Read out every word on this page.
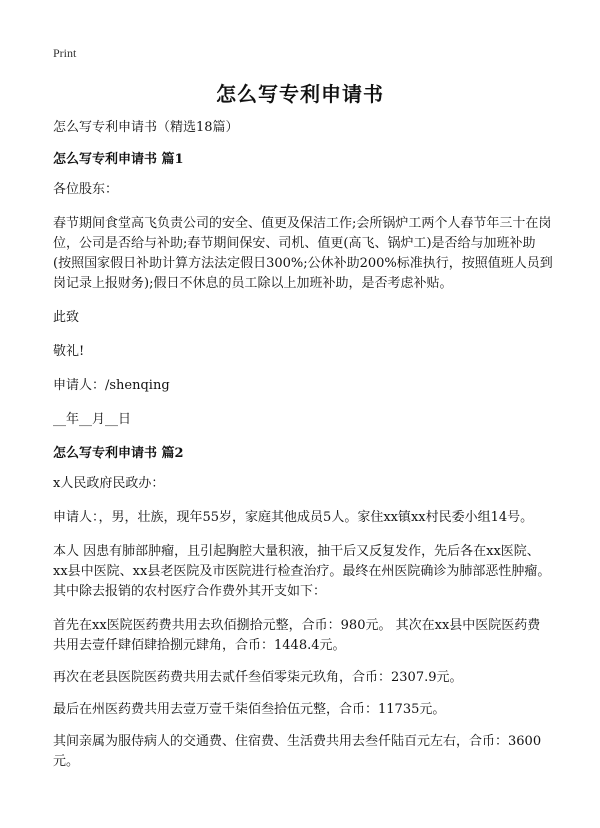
Print
怎么写专利申请书

怎么写专利申请书（精选18篇）

怎么写专利申请书 篇1

各位股东：

春节期间食堂高飞负责公司的安全、值更及保洁工作;会所锅炉工两个人春节年三十在岗位，公司是否给与补助;春节期间保安、司机、值更(高飞、锅炉工)是否给与加班补助(按照国家假日补助计算方法法定假日300%;公休补助200%标准执行，按照值班人员到岗记录上报财务);假日不休息的员工除以上加班补助，是否考虑补贴。

此致

敬礼!

申请人：/shenqing

__年__月__日

怎么写专利申请书 篇2

x人民政府民政办：

申请人：，男，壮族，现年55岁，家庭其他成员5人。家住xx镇xx村民委小组14号。

本人 因患有肺部肿瘤，且引起胸腔大量积液，抽干后又反复发作，先后各在xx医院、xx县中医院、xx县老医院及市医院进行检查治疗。最终在州医院确诊为肺部恶性肿瘤。其中除去报销的农村医疗合作费外其开支如下：

首先在xx医院医药费共用去玖佰捌拾元整，合币：980元。 其次在xx县中医院医药费共用去壹仟肆佰肆拾捌元肆角，合币：1448.4元。

再次在老县医院医药费共用去贰仟叁佰零柒元玖角，合币：2307.9元。

最后在州医药费共用去壹万壹千柒佰叁拾伍元整，合币：11735元。

其间亲属为服侍病人的交通费、住宿费、生活费共用去叁仟陆百元左右，合币：3600元。
